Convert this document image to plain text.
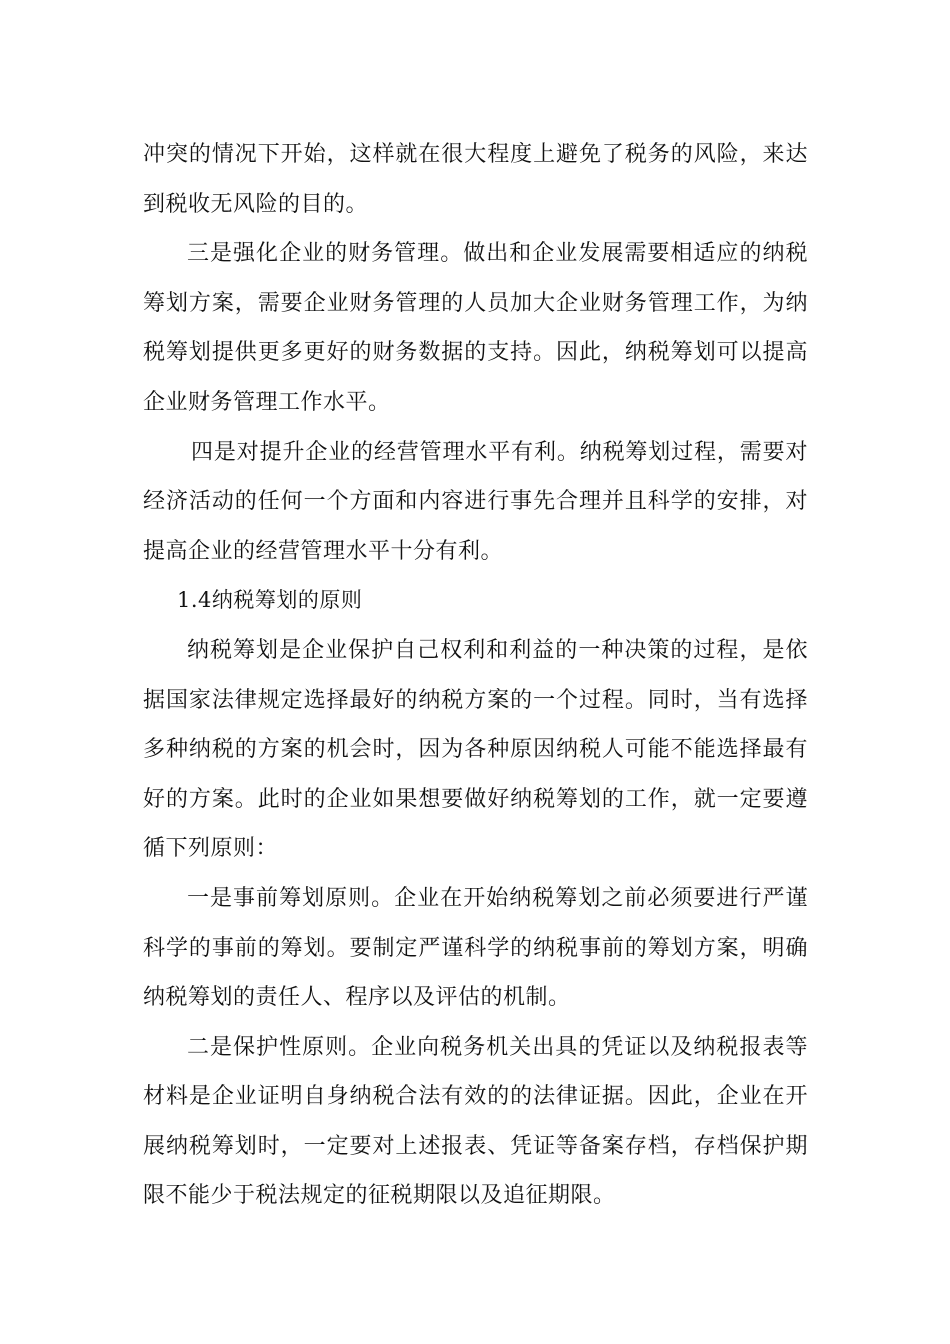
冲突的情况下开始，这样就在很大程度上避免了税务的风险，来达到税收无风险的目的。

三是强化企业的财务管理。做出和企业发展需要相适应的纳税筹划方案，需要企业财务管理的人员加大企业财务管理工作，为纳税筹划提供更多更好的财务数据的支持。因此，纳税筹划可以提高企业财务管理工作水平。

四是对提升企业的经营管理水平有利。纳税筹划过程，需要对经济活动的任何一个方面和内容进行事先合理并且科学的安排，对提高企业的经营管理水平十分有利。

1.4纳税筹划的原则

纳税筹划是企业保护自己权利和利益的一种决策的过程，是依据国家法律规定选择最好的纳税方案的一个过程。同时，当有选择多种纳税的方案的机会时，因为各种原因纳税人可能不能选择最有好的方案。此时的企业如果想要做好纳税筹划的工作，就一定要遵循下列原则：

一是事前筹划原则。企业在开始纳税筹划之前必须要进行严谨科学的事前的筹划。要制定严谨科学的纳税事前的筹划方案，明确纳税筹划的责任人、程序以及评估的机制。

二是保护性原则。企业向税务机关出具的凭证以及纳税报表等材料是企业证明自身纳税合法有效的的法律证据。因此，企业在开展纳税筹划时，一定要对上述报表、凭证等备案存档，存档保护期限不能少于税法规定的征税期限以及追征期限。
